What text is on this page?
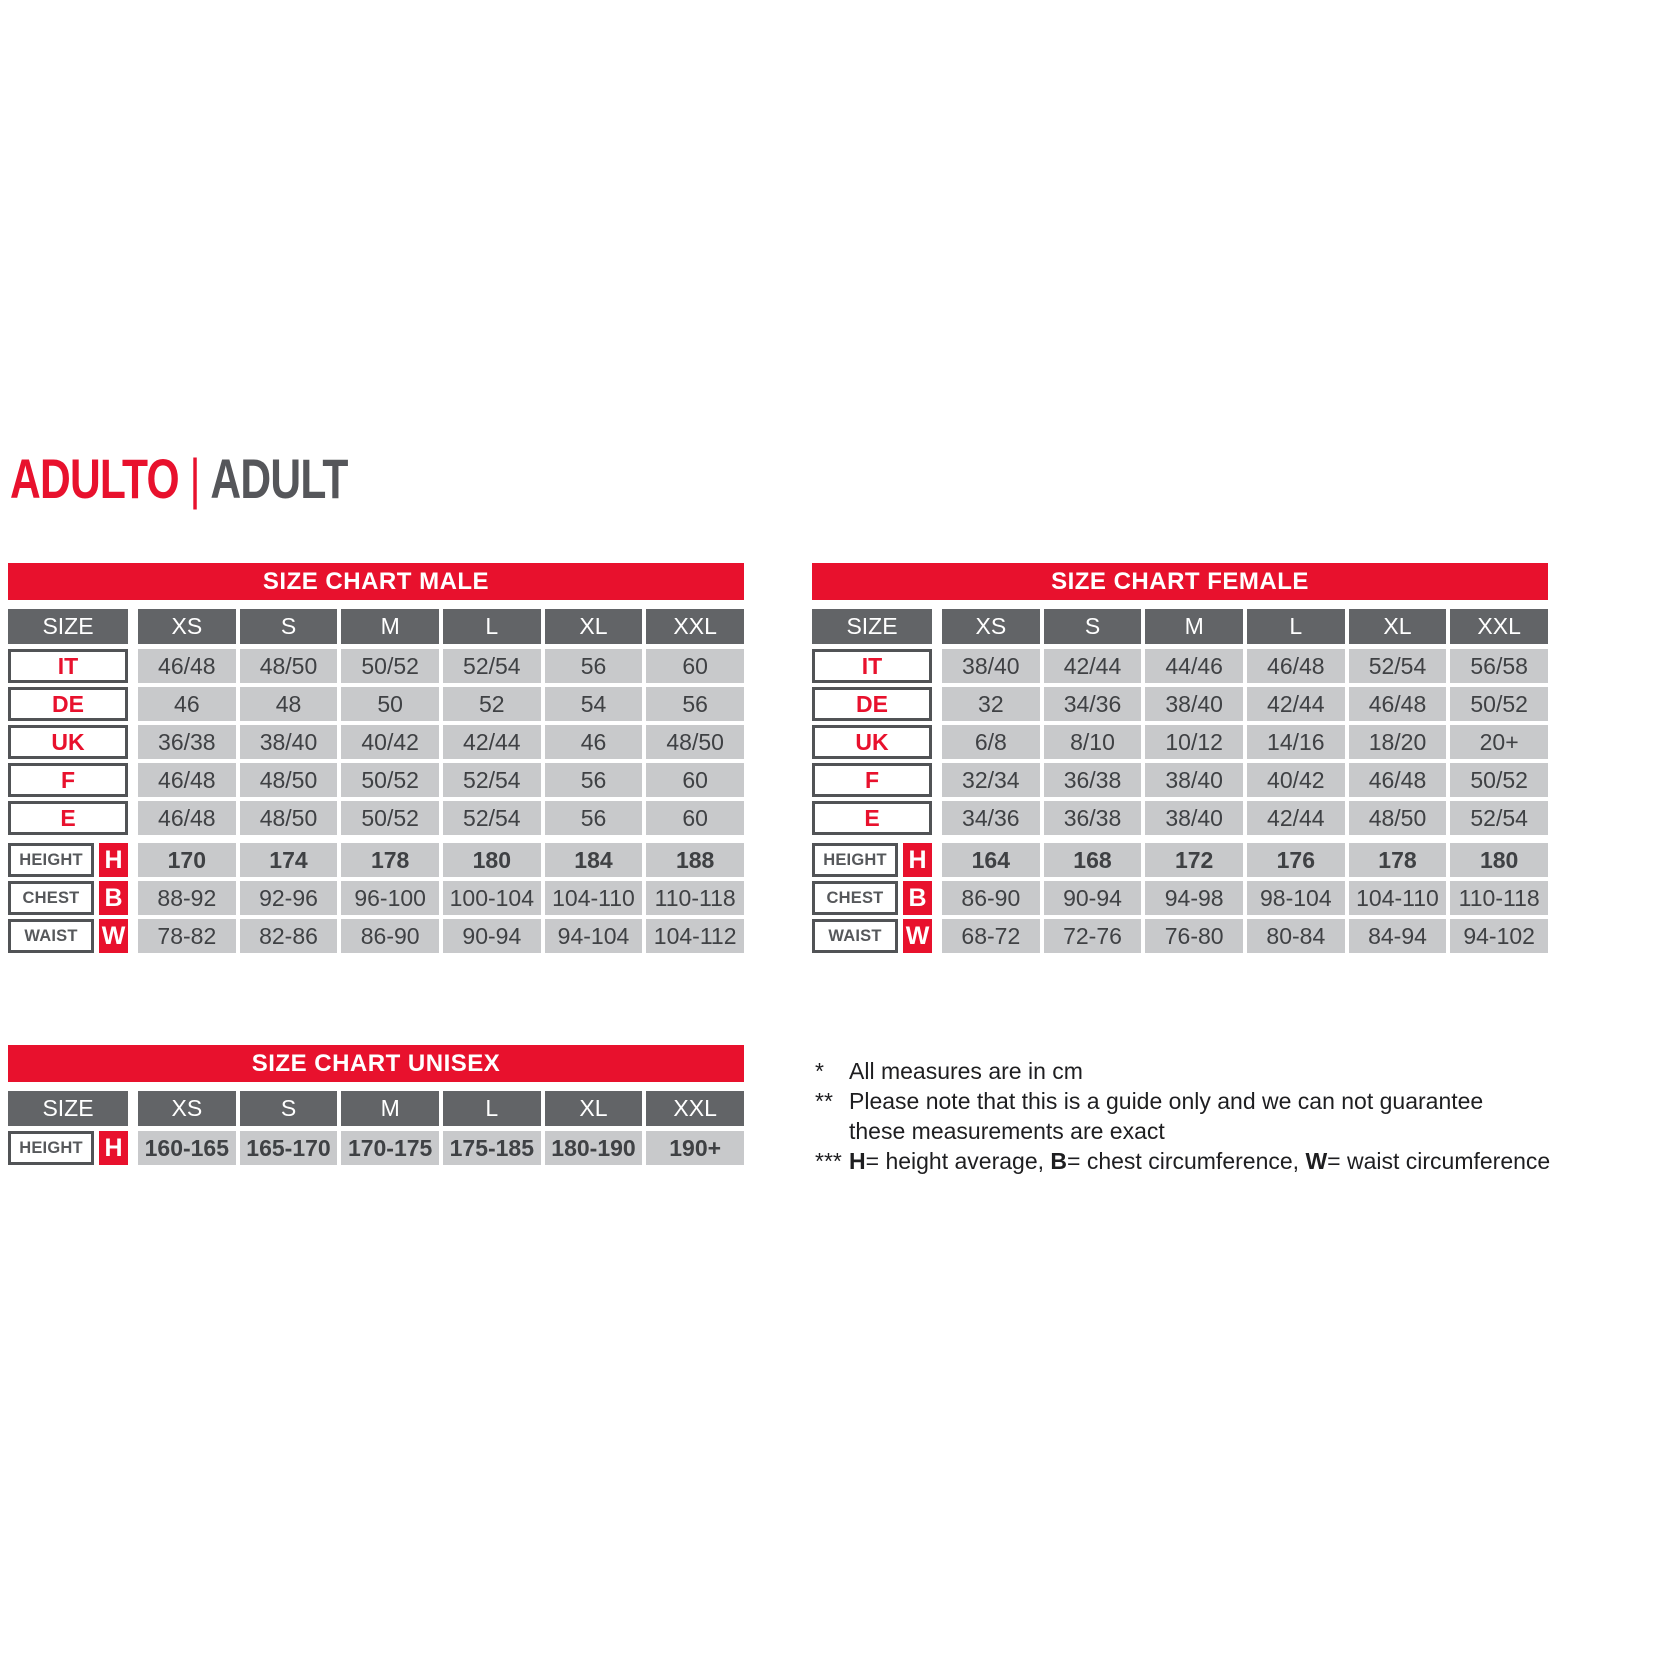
ADULTO | ADULT
SIZE CHART MALE
SIZE	XS	S	M	L	XL	XXL
IT	46/48	48/50	50/52	52/54	56	60
DE	46	48	50	52	54	56
UK	36/38	38/40	40/42	42/44	46	48/50
F	46/48	48/50	50/52	52/54	56	60
E	46/48	48/50	50/52	52/54	56	60
HEIGHT H	170	174	178	180	184	188
CHEST	B	88-92	92-96	96-100	100-104 104-110 110-118
WAIST W	78-82	82-86	86-90	90-94	94-104	104-112
SIZE CHART FEMALE
SIZE	XS	S	M	L	XL	XXL
IT	38/40	42/44	44/46	46/48	52/54	56/58
DE	32	34/36	38/40	42/44	46/48	50/52
UK	6/8	8/10	10/12	14/16	18/20	20+
F	32/34	36/38	38/40	40/42	46/48	50/52
E	34/36	36/38	38/40	42/44	48/50	52/54
HEIGHT H	164	168	172	176	178	180
CHEST	B	86-90	90-94	94-98	98-104	104-110 110-118
WAIST W	68-72	72-76	76-80	80-84	84-94	94-102
SIZE CHART UNISEX
SIZE	XS	S	M	L	XL	XXL
HEIGHT H 160-165 165-170 170-175 175-185 180-190	190+
*	All measures are in cm
** Please note that this is a guide only and we can not guarantee
these measurements are exact
*** H= height average, B= chest circumference, W= waist circumference
